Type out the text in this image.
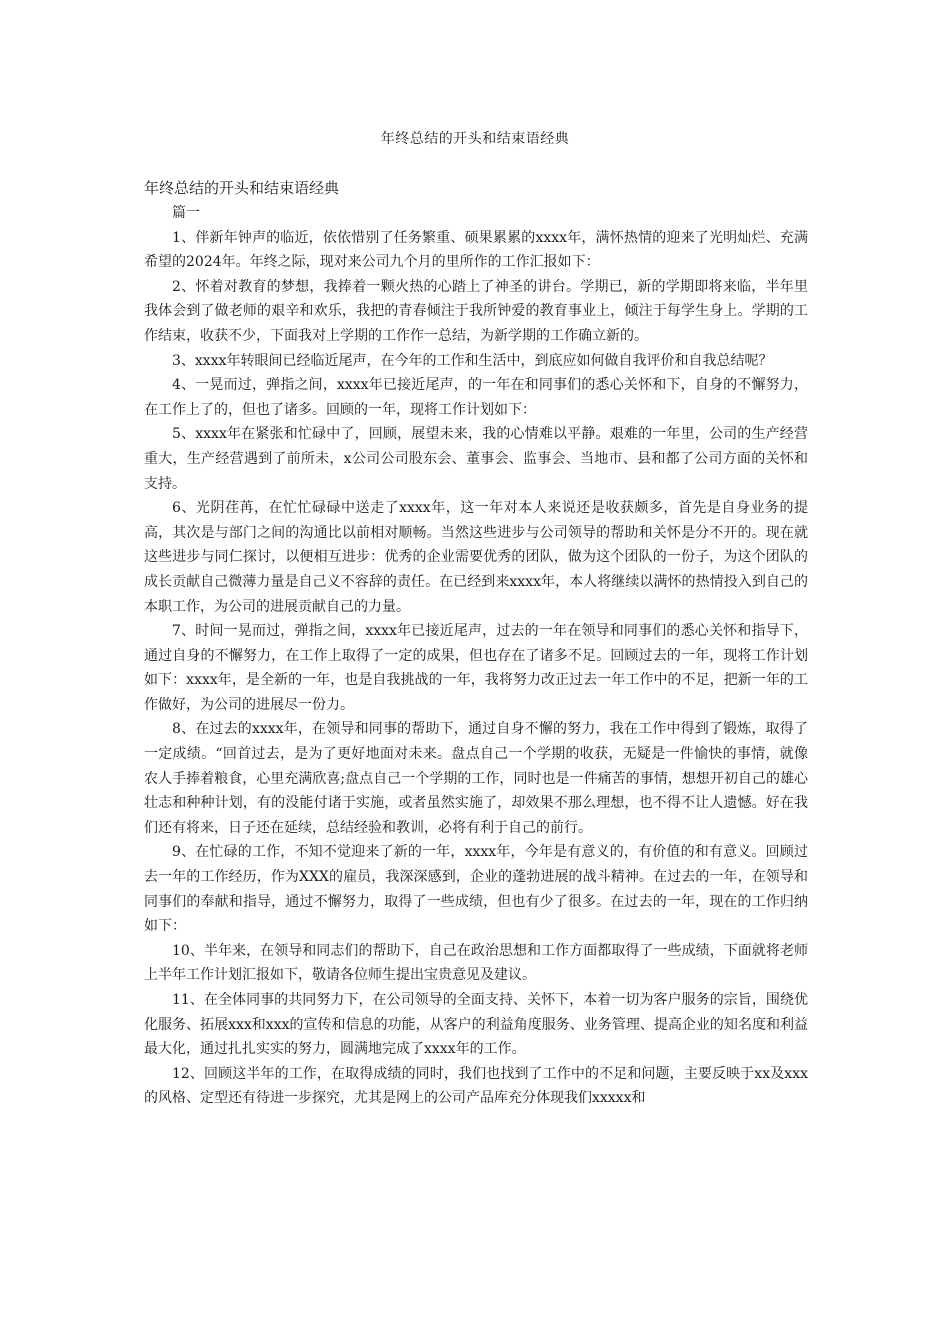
年终总结的开头和结束语经典

年终总结的开头和结束语经典

篇一

1、伴新年钟声的临近，依依惜别了任务繁重、硕果累累的xxxx年，满怀热情的迎来了光明灿烂、充满希望的2024年。年终之际，现对来公司九个月的里所作的工作汇报如下：

2、怀着对教育的梦想，我捧着一颗火热的心踏上了神圣的讲台。学期已，新的学期即将来临，半年里我体会到了做老师的艰辛和欢乐，我把的青春倾注于我所钟爱的教育事业上，倾注于每学生身上。学期的工作结束，收获不少，下面我对上学期的工作作一总结，为新学期的工作确立新的。

3、xxxx年转眼间已经临近尾声，在今年的工作和生活中，到底应如何做自我评价和自我总结呢？

4、一晃而过，弹指之间，xxxx年已接近尾声，的一年在和同事们的悉心关怀和下，自身的不懈努力，在工作上了的，但也了诸多。回顾的一年，现将工作计划如下：

5、xxxx年在紧张和忙碌中了，回顾，展望未来，我的心情难以平静。艰难的一年里，公司的生产经营重大，生产经营遇到了前所未，x公司公司股东会、董事会、监事会、当地市、县和都了公司方面的关怀和支持。

6、光阴荏苒，在忙忙碌碌中送走了xxxx年，这一年对本人来说还是收获颇多，首先是自身业务的提高，其次是与部门之间的沟通比以前相对顺畅。当然这些进步与公司领导的帮助和关怀是分不开的。现在就这些进步与同仁探讨，以便相互进步：优秀的企业需要优秀的团队，做为这个团队的一份子，为这个团队的成长贡献自己微薄力量是自己义不容辞的责任。在已经到来xxxx年，本人将继续以满怀的热情投入到自己的本职工作，为公司的进展贡献自己的力量。

7、时间一晃而过，弹指之间，xxxx年已接近尾声，过去的一年在领导和同事们的悉心关怀和指导下，通过自身的不懈努力，在工作上取得了一定的成果，但也存在了诸多不足。回顾过去的一年，现将工作计划如下：xxxx年，是全新的一年，也是自我挑战的一年，我将努力改正过去一年工作中的不足，把新一年的工作做好，为公司的进展尽一份力。

8、在过去的xxxx年，在领导和同事的帮助下，通过自身不懈的努力，我在工作中得到了锻炼，取得了一定成绩。“回首过去，是为了更好地面对未来。盘点自己一个学期的收获，无疑是一件愉快的事情，就像农人手捧着粮食，心里充满欣喜;盘点自己一个学期的工作，同时也是一件痛苦的事情，想想开初自己的雄心壮志和种种计划，有的没能付诸于实施，或者虽然实施了，却效果不那么理想，也不得不让人遗憾。好在我们还有将来，日子还在延续，总结经验和教训，必将有利于自己的前行。

9、在忙碌的工作，不知不觉迎来了新的一年，xxxx年，今年是有意义的，有价值的和有意义。回顾过去一年的工作经历，作为XXX的雇员，我深深感到，企业的蓬勃进展的战斗精神。在过去的一年，在领导和同事们的奉献和指导，通过不懈努力，取得了一些成绩，但也有少了很多。在过去的一年，现在的工作归纳如下：

10、半年来，在领导和同志们的帮助下，自己在政治思想和工作方面都取得了一些成绩，下面就将老师上半年工作计划汇报如下，敬请各位师生提出宝贵意见及建议。

11、在全体同事的共同努力下，在公司领导的全面支持、关怀下，本着一切为客户服务的宗旨，围绕优化服务、拓展xxx和xxx的宣传和信息的功能，从客户的利益角度服务、业务管理、提高企业的知名度和利益最大化，通过扎扎实实的努力，圆满地完成了xxxx年的工作。

12、回顾这半年的工作，在取得成绩的同时，我们也找到了工作中的不足和问题，主要反映于xx及xxx的风格、定型还有待进一步探究，尤其是网上的公司产品库充分体现我们xxxxx和
